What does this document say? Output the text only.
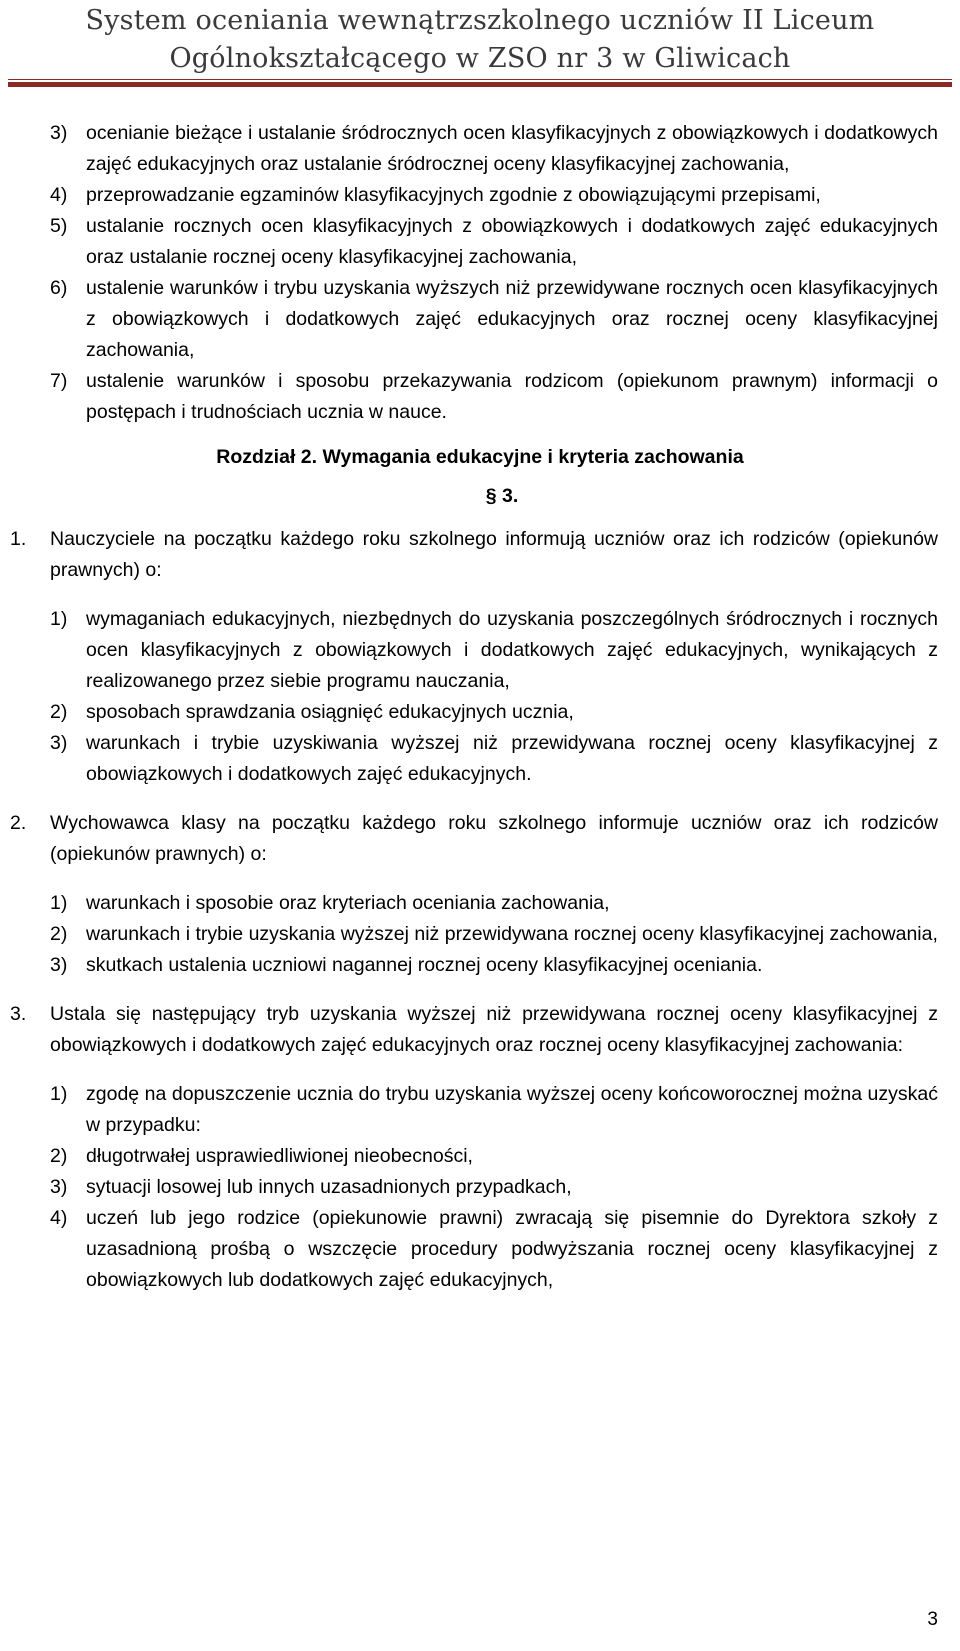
System oceniania wewnątrzszkolnego uczniów II Liceum
Ogólnokształcącego w ZSO nr 3 w Gliwicach
3) ocenianie bieżące i ustalanie śródrocznych ocen klasyfikacyjnych z obowiązkowych i dodatkowych zajęć edukacyjnych oraz ustalanie śródrocznej oceny klasyfikacyjnej zachowania,
4) przeprowadzanie egzaminów klasyfikacyjnych zgodnie z obowiązującymi przepisami,
5) ustalanie rocznych ocen klasyfikacyjnych z obowiązkowych i dodatkowych zajęć edukacyjnych oraz ustalanie rocznej oceny klasyfikacyjnej zachowania,
6) ustalenie warunków i trybu uzyskania wyższych niż przewidywane rocznych ocen klasyfikacyjnych z obowiązkowych i dodatkowych zajęć edukacyjnych oraz rocznej oceny klasyfikacyjnej zachowania,
7) ustalenie warunków i sposobu przekazywania rodzicom (opiekunom prawnym) informacji o postępach i trudnościach ucznia w nauce.
Rozdział 2. Wymagania edukacyjne i kryteria zachowania
§ 3.
1. Nauczyciele na początku każdego roku szkolnego informują uczniów oraz ich rodziców (opiekunów prawnych) o:
1) wymaganiach edukacyjnych, niezbędnych do uzyskania poszczególnych śródrocznych i rocznych ocen klasyfikacyjnych z obowiązkowych i dodatkowych zajęć edukacyjnych, wynikających z realizowanego przez siebie programu nauczania,
2) sposobach sprawdzania osiągnięć edukacyjnych ucznia,
3) warunkach i trybie uzyskiwania wyższej niż przewidywana rocznej oceny klasyfikacyjnej z obowiązkowych i dodatkowych zajęć edukacyjnych.
2. Wychowawca klasy na początku każdego roku szkolnego informuje uczniów oraz ich rodziców (opiekunów prawnych) o:
1) warunkach i sposobie oraz kryteriach oceniania zachowania,
2) warunkach i trybie uzyskania wyższej niż przewidywana rocznej oceny klasyfikacyjnej zachowania,
3) skutkach ustalenia uczniowi nagannej rocznej oceny klasyfikacyjnej oceniania.
3. Ustala się następujący tryb uzyskania wyższej niż przewidywana rocznej oceny klasyfikacyjnej z obowiązkowych i dodatkowych zajęć edukacyjnych oraz rocznej oceny klasyfikacyjnej zachowania:
1) zgodę na dopuszczenie ucznia do trybu uzyskania wyższej oceny końcoworocznej można uzyskać w przypadku:
2) długotrwałej usprawiedliwionej nieobecności,
3) sytuacji losowej lub innych uzasadnionych przypadkach,
4) uczeń lub jego rodzice (opiekunowie prawni) zwracają się pisemnie do Dyrektora szkoły z uzasadnioną prośbą o wszczęcie procedury podwyższania rocznej oceny klasyfikacyjnej z obowiązkowych lub dodatkowych zajęć edukacyjnych,
3
